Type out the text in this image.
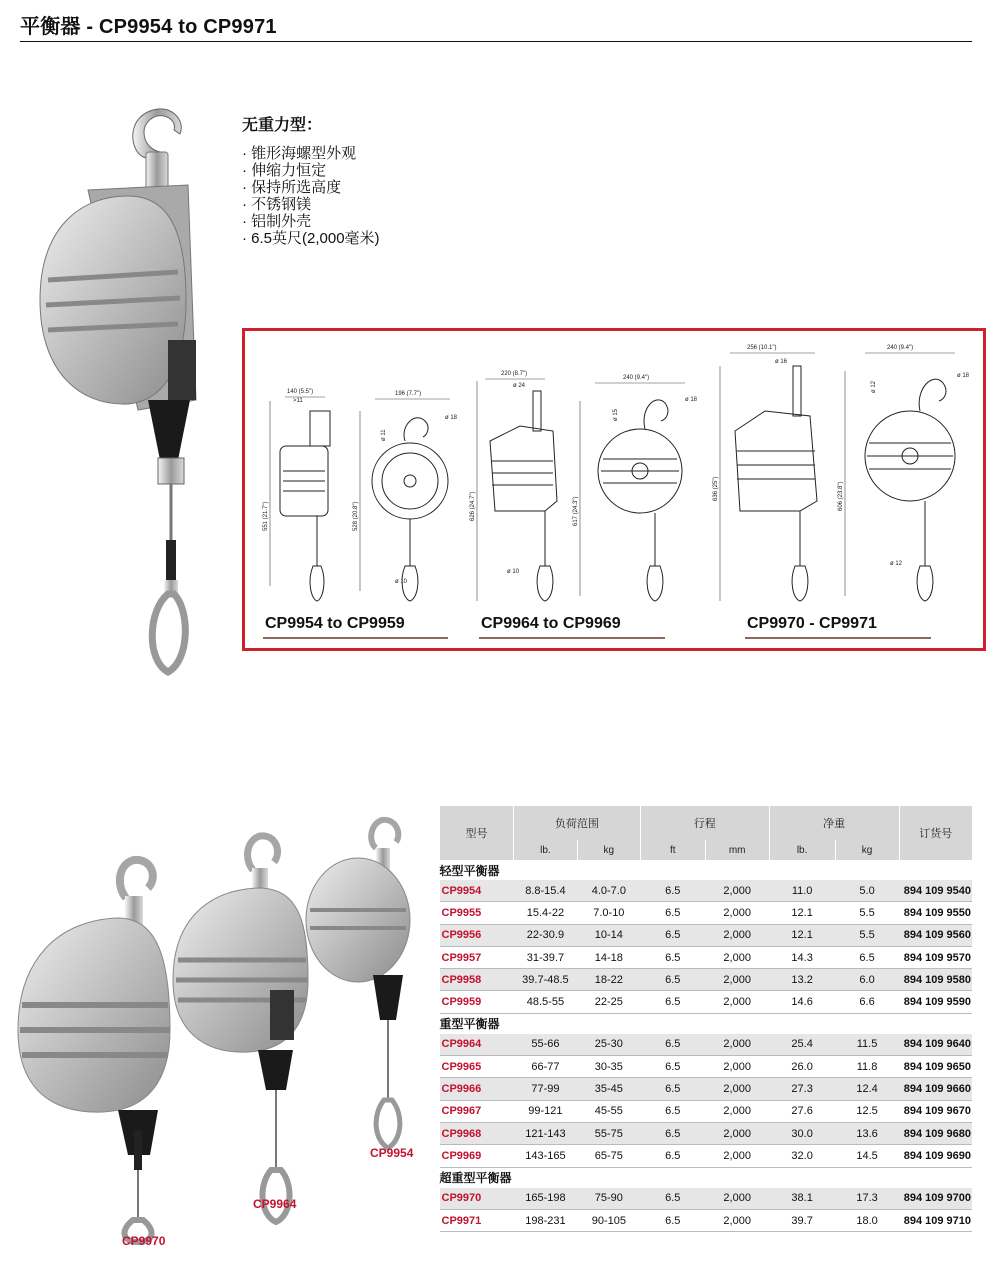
平衡器 - CP9954 to CP9971
无重力型：
· 锥形海螺型外观
· 伸缩力恒定
· 保持所选高度
· 不锈钢镁
· 铝制外壳
· 6.5英尺(2,000毫米)
140 (5.5")
>11
551 (21.7")
196 (7.7")
ø 18
ø 11
528 (20.8")
ø 10
220 (8.7")
ø 24
626 (24.7")
ø 10
240 (9.4")
ø 18
ø 15
617 (24.3")
256 (10.1")
ø 16
636 (25")
240 (9.4")
ø 18
ø 12
606 (23.8")
ø 12
CP9954 to CP9959	CP9964 to CP9969	CP9970 - CP9971
CP9954
CP9964
CP9970
型号	负荷范围		行程		净重		订货号
	lb.	kg	ft	mm	lb.	kg	
轻型平衡器							
CP9954	8.8-15.4	4.0-7.0	6.5	2,000	11.0	5.0	894 109 9540
CP9955	15.4-22	7.0-10	6.5	2,000	12.1	5.5	894 109 9550
CP9956	22-30.9	10-14	6.5	2,000	12.1	5.5	894 109 9560
CP9957	31-39.7	14-18	6.5	2,000	14.3	6.5	894 109 9570
CP9958	39.7-48.5	18-22	6.5	2,000	13.2	6.0	894 109 9580
CP9959	48.5-55	22-25	6.5	2,000	14.6	6.6	894 109 9590
重型平衡器							
CP9964	55-66	25-30	6.5	2,000	25.4	11.5	894 109 9640
CP9965	66-77	30-35	6.5	2,000	26.0	11.8	894 109 9650
CP9966	77-99	35-45	6.5	2,000	27.3	12.4	894 109 9660
CP9967	99-121	45-55	6.5	2,000	27.6	12.5	894 109 9670
CP9968	121-143	55-75	6.5	2,000	30.0	13.6	894 109 9680
CP9969	143-165	65-75	6.5	2,000	32.0	14.5	894 109 9690
超重型平衡器							
CP9970	165-198	75-90	6.5	2,000	38.1	17.3	894 109 9700
CP9971	198-231	90-105	6.5	2,000	39.7	18.0	894 109 9710
